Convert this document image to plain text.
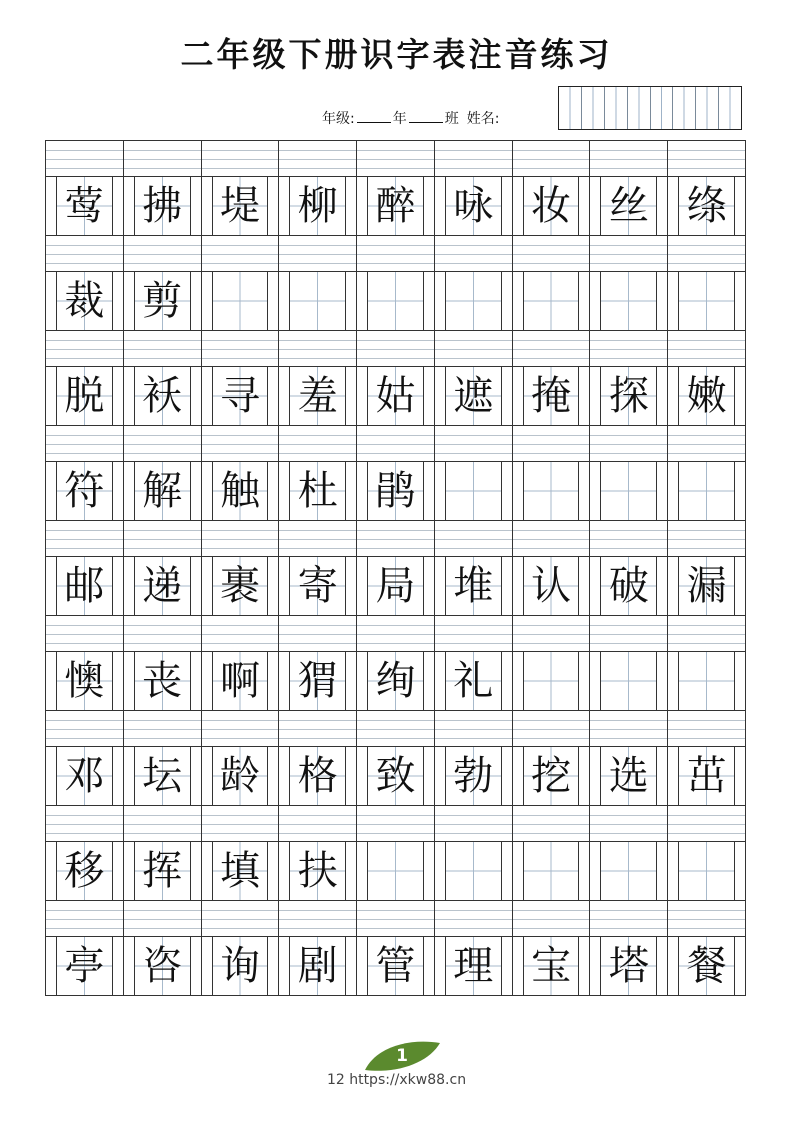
二年级下册识字表注音练习
年级:	年	班 姓名:
莺 拂 堤 柳 醉 咏 妆 丝 绦
裁 剪
脱 袄 寻 羞 姑 遮 掩 探 嫩
符 解 触 杜 鹃
邮 递 裹 寄 局 堆 认 破 漏
懊 丧 啊 猬 绚 礼
邓 坛 龄 格 致 勃 挖 选 茁
移 挥 填 扶
亭 咨 询 剧 管 理 宝 塔 餐
1
12 https://xkw88.cn
